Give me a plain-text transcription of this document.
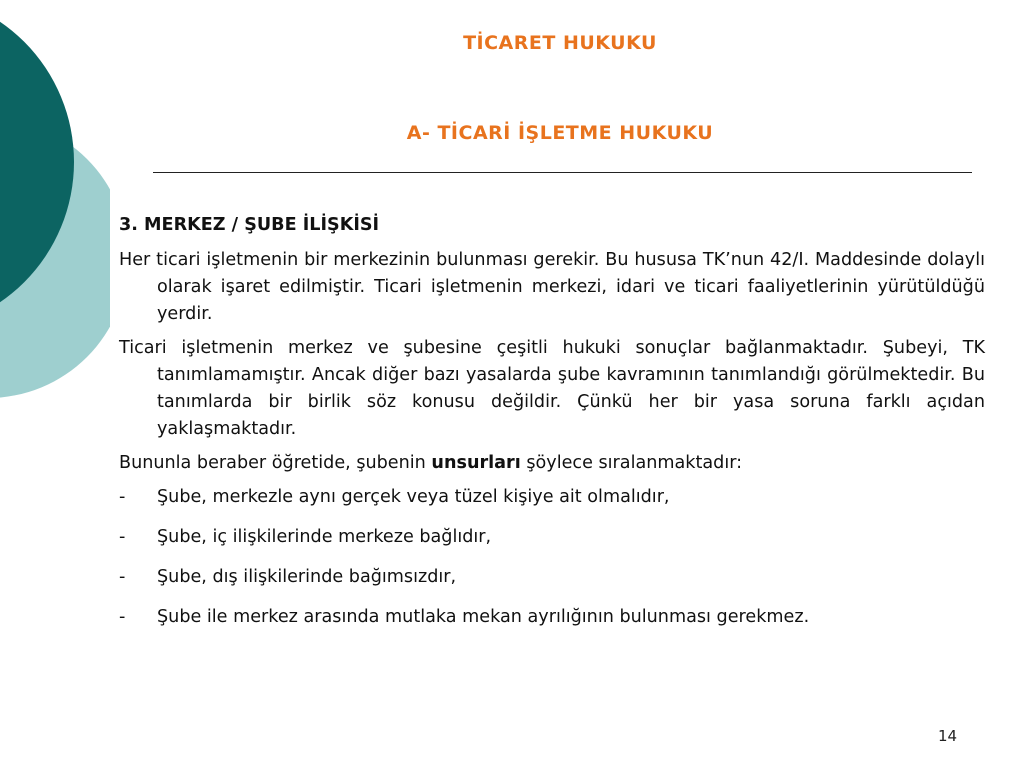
TİCARET HUKUKU
A- TİCARİ İŞLETME HUKUKU
3. MERKEZ / ŞUBE İLİŞKİSİ

Her ticari işletmenin bir merkezinin bulunması gerekir. Bu hususa TK’nun 42/I. Maddesinde dolaylı olarak işaret edilmiştir. Ticari işletmenin merkezi, idari ve ticari faaliyetlerinin yürütüldüğü yerdir.

Ticari işletmenin merkez ve şubesine çeşitli hukuki sonuçlar bağlanmaktadır. Şubeyi, TK tanımlamamıştır. Ancak diğer bazı yasalarda şube kavramının tanımlandığı görülmektedir. Bu tanımlarda bir birlik söz konusu değildir. Çünkü her bir yasa soruna farklı açıdan yaklaşmaktadır.

Bununla beraber öğretide, şubenin unsurları şöylece sıralanmaktadır:

-	Şube, merkezle aynı gerçek veya tüzel kişiye ait olmalıdır,
-	Şube, iç ilişkilerinde merkeze bağlıdır,
-	Şube, dış ilişkilerinde bağımsızdır,
-	Şube ile merkez arasında mutlaka mekan ayrılığının bulunması gerekmez.
14
